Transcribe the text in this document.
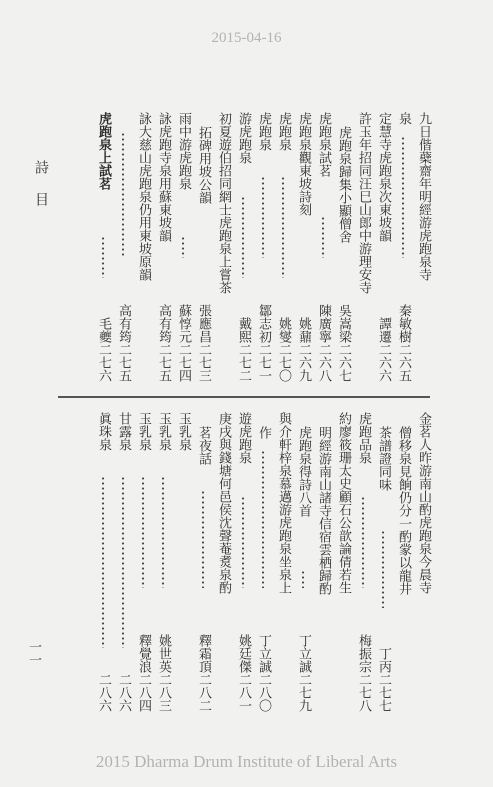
2015-04-16
詩目	九日偕蘗齋年明經游虎跑泉寺
泉
秦敏樹二六五
定慧寺虎跑泉次東坡韻
譚遷二六六
許玉年招同汪巳山郎中游理安寺
虎跑泉歸集小顯僧舍
吳嵩梁二六七
虎跑泉試茗
陳廣寧二六八
虎跑泉觀東坡詩刻
姚鼐二六九
虎跑泉
姚燮二七〇
虎跑泉
鄒志初二七一
游虎跑泉
戴熙二七二
初夏遊伯招同網士虎跑泉上嘗茶
拓碑用坡公韻
張應昌二七三
雨中游虎跑泉
蘇惇元二七四
詠虎跑寺泉用蘇東坡韻
高有筠二七五
詠大慈山虎跑泉仍用東坡原韻
高有筠二七五
虎跑泉上試茗
毛夔二七六
金茗人昨游南山酌虎跑泉今晨寺
僧移泉見餉仍分一酌䝉以龍井
茶譜證同味
丁丙二七七
虎跑品泉
梅振宗二七八
約廖筱珊太史顧石公歆論倩若生
明經游南山諸寺信宿雲栖歸酌
虎跑泉得詩八首
丁立誠二七九
與介軒梓泉慕邁游虎跑泉坐泉上
作
丁立誠二八〇
遊虎跑泉
姚廷傑二八一
庚戌與錢塘何邑侯沈聲菴煑泉酌
茗夜話
釋霜頂二八二
玉乳泉
玉乳泉
姚世英二八三
玉乳泉
釋覺浪二八四
甘露泉
二八六
眞珠泉
二八六
一一
2015 Dharma Drum Institute of Liberal Arts
